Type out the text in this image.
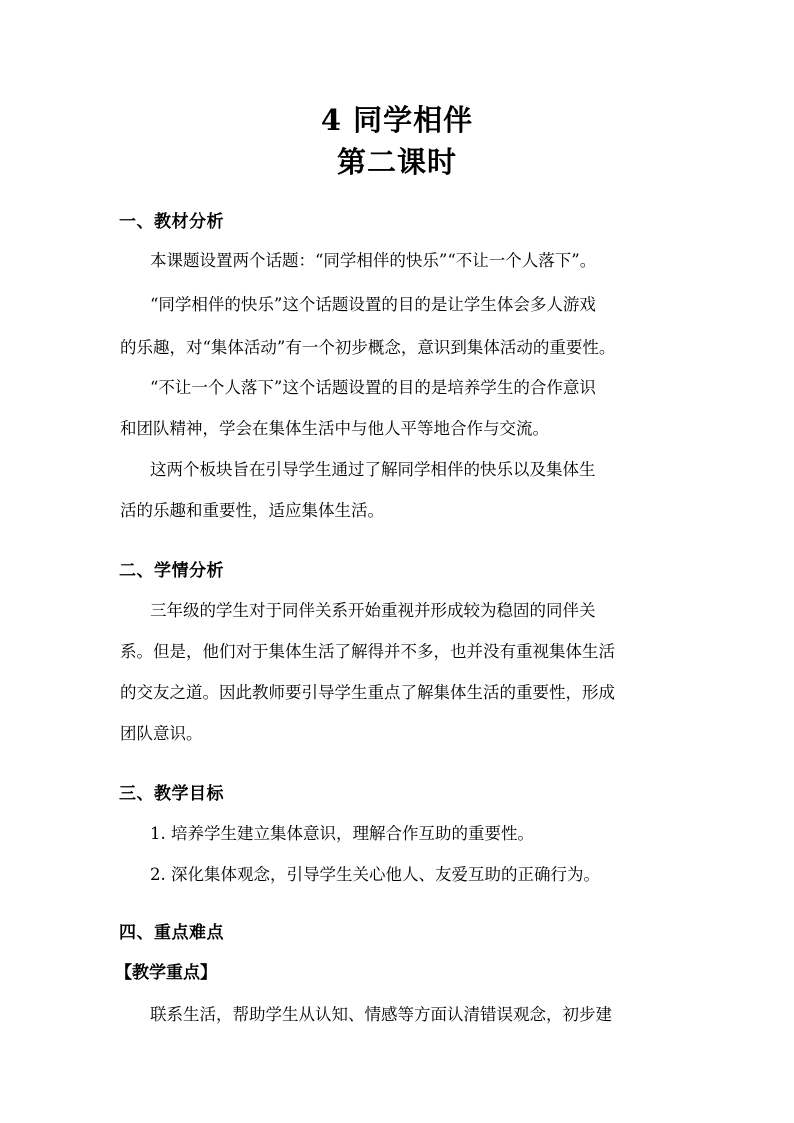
4 同学相伴
第二课时
一、教材分析
本课题设置两个话题：“同学相伴的快乐”“不让一个人落下”。
“同学相伴的快乐”这个话题设置的目的是让学生体会多人游戏
的乐趣，对“集体活动”有一个初步概念，意识到集体活动的重要性。
“不让一个人落下”这个话题设置的目的是培养学生的合作意识
和团队精神，学会在集体生活中与他人平等地合作与交流。
这两个板块旨在引导学生通过了解同学相伴的快乐以及集体生
活的乐趣和重要性，适应集体生活。
二、学情分析
三年级的学生对于同伴关系开始重视并形成较为稳固的同伴关
系。但是，他们对于集体生活了解得并不多，也并没有重视集体生活
的交友之道。因此教师要引导学生重点了解集体生活的重要性，形成
团队意识。
三、教学目标
1. 培养学生建立集体意识，理解合作互助的重要性。
2. 深化集体观念，引导学生关心他人、友爱互助的正确行为。
四、重点难点
【教学重点】
联系生活，帮助学生从认知、情感等方面认清错误观念，初步建
